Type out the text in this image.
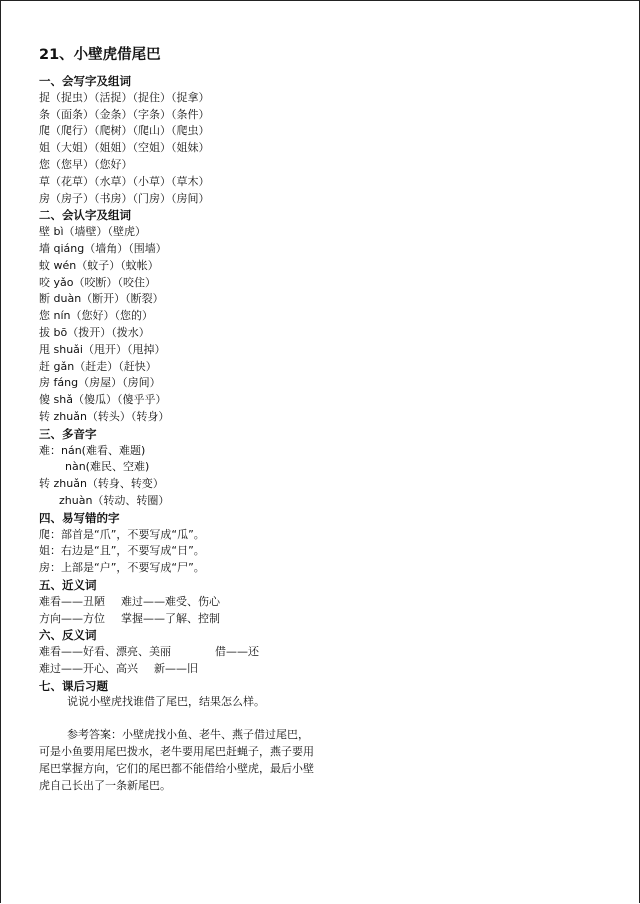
21、小壁虎借尾巴
一、会写字及组词
捉（捉虫）（活捉）（捉住）（捉拿）
条（面条）（金条）（字条）（条件）
爬（爬行）（爬树）（爬山）（爬虫）
姐（大姐）（姐姐）（空姐）（姐妹）
您（您早）（您好）
草（花草）（水草）（小草）（草木）
房（房子）（书房）（门房）（房间）
二、会认字及组词
壁 bì（墙壁）（壁虎）
墙 qiáng（墙角）（围墙）
蚊 wén（蚊子）（蚊帐）
咬 yǎo（咬断）（咬住）
断 duàn（断开）（断裂）
您 nín（您好）（您的）
拔 bō（拨开）（拨水）
甩 shuǎi（甩开）（甩掉）
赶 gǎn（赶走）（赶快）
房 fáng（房屋）（房间）
傻 shǎ（傻瓜）（傻乎乎）
转 zhuǎn（转头）（转身）
三、多音字
难：nán(难看、难题)
nàn(难民、空难)
转 zhuǎn（转身、转变）
zhuàn（转动、转圈）
四、易写错的字
爬：部首是“爪”，不要写成“瓜”。
姐：右边是“且”，不要写成“日”。
房：上部是“户”，不要写成“尸”。
五、近义词
难看——丑陋 难过——难受、伤心
方向——方位 掌握——了解、控制
六、反义词
难看——好看、漂亮、美丽	借——还
难过——开心、高兴 新——旧
七、课后习题
说说小壁虎找谁借了尾巴，结果怎么样。
参考答案：小壁虎找小鱼、老牛、燕子借过尾巴，可是小鱼要用尾巴拨水，老牛要用尾巴赶蝇子，燕子要用尾巴掌握方向，它们的尾巴都不能借给小壁虎，最后小壁虎自己长出了一条新尾巴。
